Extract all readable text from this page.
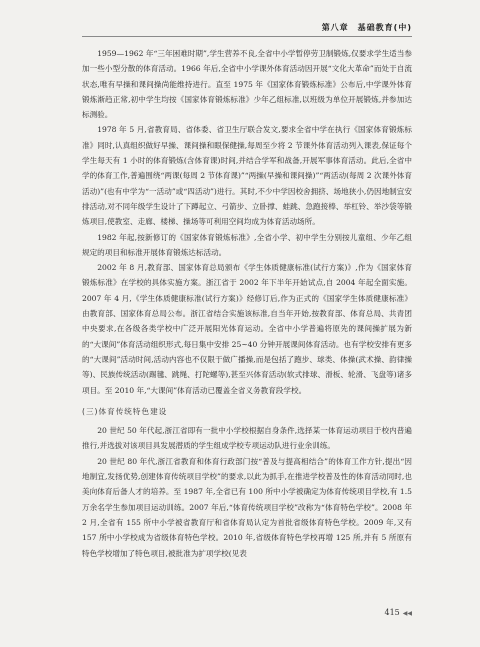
第八章　基础教育(中)

1959—1962 年“三年困难时期”,学生营养不良,全省中小学暂停劳卫制锻炼,仅要求学生适当参加一些小型分散的体育活动。1966 年后,全省中小学课外体育活动因开展“文化大革命”而处于自流状态,唯有早操和课间操尚能维持进行。直至 1975 年《国家体育锻炼标准》公布后,中学课外体育锻炼渐趋正常,初中学生均按《国家体育锻炼标准》少年乙组标准,以班级为单位开展锻炼,并参加达标测验。

1978 年 5 月,省教育局、省体委、省卫生厅联合发文,要求全省中学在执行《国家体育锻炼标准》同时,认真组织做好早操、课间操和眼保健操,每周至少将 2 节课外体育活动列入课表,保证每个学生每天有 1 小时的体育锻炼(含体育课)时间,并结合学军和战备,开展军事体育活动。此后,全省中学的体育工作,普遍围绕“两课(每周 2 节体育课)”“两操(早操和课间操)”“两活动(每周 2 次课外体育活动)”(也有中学为“一活动”或“四活动”)进行。其时,不少中学因校舍拥挤、场地狭小,仍因地制宜安排活动,对不同年级学生设计了下蹲起立、弓箭步、立卧撑、蛙跳、急跑接棒、举杠铃、举沙袋等锻炼项目,使教室、走廊、楼梯、操场等可利用空间均成为体育活动场所。

1982 年起,按新修订的《国家体育锻炼标准》,全省小学、初中学生分别按儿童组、少年乙组规定的项目和标准开展体育锻炼达标活动。

2002 年 8 月,教育部、国家体育总局颁布《学生体质健康标准(试行方案)》,作为《国家体育锻炼标准》在学校的具体实施方案。浙江省于 2002 年下半年开始试点,自 2004 年起全面实施。2007 年 4 月,《学生体质健康标准(试行方案)》经修订后,作为正式的《国家学生体质健康标准》由教育部、国家体育总局公布。浙江省结合实施该标准,自当年开始,按教育部、体育总局、共青团中央要求,在各级各类学校中广泛开展阳光体育运动。全省中小学普遍将原先的课间操扩展为新的“大课间”体育活动组织形式,每日集中安排 25~40 分钟开展课间体育活动。也有学校安排有更多的“大课间”活动时间,活动内容也不仅限于做广播操,而是包括了跑步、球类、体操(武术操、韵律操等)、民族传统活动(踢毽、跳绳、打陀螺等),甚至兴体育活动(软式排球、滑板、轮滑、飞盘等)诸多项目。至 2010 年,“大课间”体育活动已覆盖全省义务教育段学校。

(三)体育传统特色建设

20 世纪 50 年代起,浙江省即有一批中小学校根据自身条件,选择某一体育运动项目于校内普遍推行,并选拔对该项目具发展潜质的学生组成学校专项运动队进行业余训练。

20 世纪 80 年代,浙江省教育和体育行政部门按“普及与提高相结合”的体育工作方针,提出“因地制宜,发扬优势,创建体育传统项目学校”的要求,以此为抓手,在推进学校普及性的体育活动同时,也美向体育后备人才的培养。至 1987 年,全省已有 100 所中小学被确定为体育传统项目学校,有 1.5 万余名学生参加项目运动训练。2007 年后,“体育传统项目学校”改称为“体育特色学校”。2008 年 2 月,全省有 155 所中小学被省教育厅和省体育局认定为首批省级体育特色学校。2009 年,又有 157 所中小学校成为省级体育特色学校。2010 年,省级体育特色学校再增 125 所,并有 5 所原有特色学校增加了特色项目,被批准为扩项学校(见表

415 ◀◀
